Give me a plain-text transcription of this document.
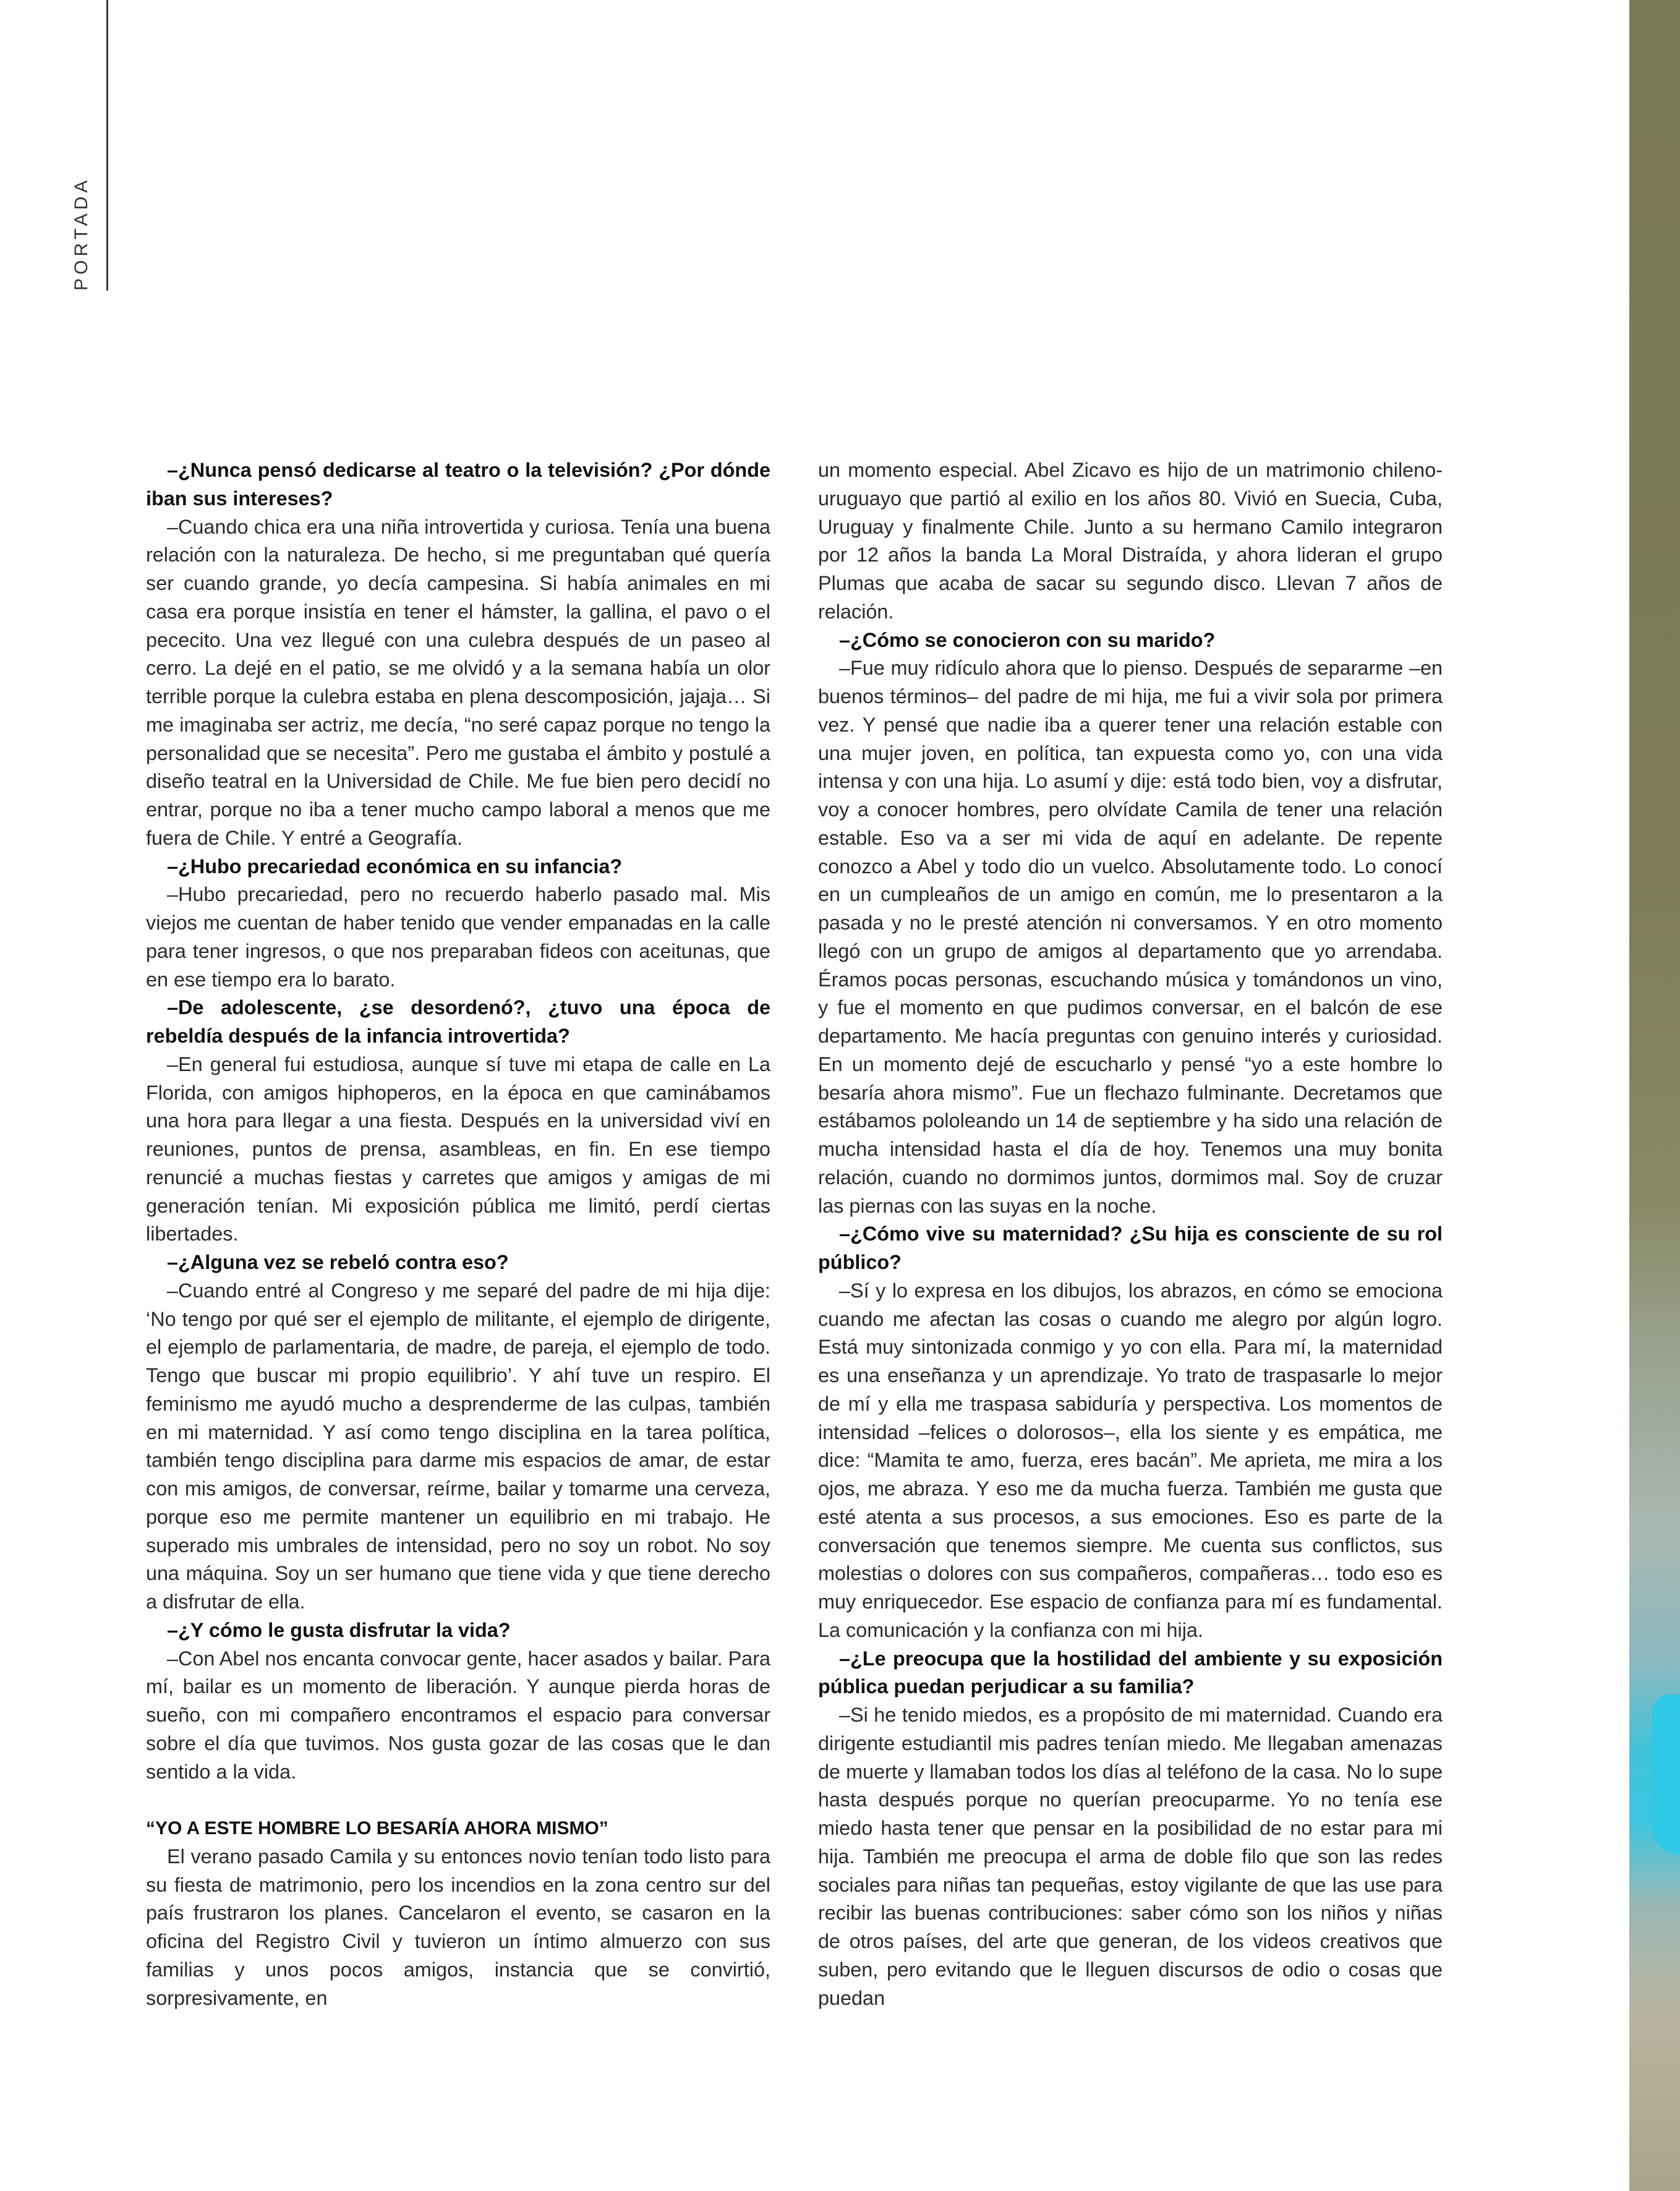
PORTADA

–¿Nunca pensó dedicarse al teatro o la televisión? ¿Por dónde iban sus intereses?

–Cuando chica era una niña introvertida y curiosa. Tenía una buena relación con la naturaleza. De hecho, si me preguntaban qué quería ser cuando grande, yo decía campesina. Si había animales en mi casa era porque insistía en tener el hámster, la gallina, el pavo o el pececito. Una vez llegué con una culebra después de un paseo al cerro. La dejé en el patio, se me olvidó y a la semana había un olor terrible porque la culebra estaba en plena descomposición, jajaja… Si me imaginaba ser actriz, me decía, “no seré capaz porque no tengo la personalidad que se necesita”. Pero me gustaba el ámbito y postulé a diseño teatral en la Universidad de Chile. Me fue bien pero decidí no entrar, porque no iba a tener mucho campo laboral a menos que me fuera de Chile. Y entré a Geografía.

–¿Hubo precariedad económica en su infancia?

–Hubo precariedad, pero no recuerdo haberlo pasado mal. Mis viejos me cuentan de haber tenido que vender empanadas en la calle para tener ingresos, o que nos preparaban fideos con aceitunas, que en ese tiempo era lo barato.

–De adolescente, ¿se desordenó?, ¿tuvo una época de rebeldía después de la infancia introvertida?

–En general fui estudiosa, aunque sí tuve mi etapa de calle en La Florida, con amigos hiphoperos, en la época en que caminábamos una hora para llegar a una fiesta. Después en la universidad viví en reuniones, puntos de prensa, asambleas, en fin. En ese tiempo renuncié a muchas fiestas y carretes que amigos y amigas de mi generación tenían. Mi exposición pública me limitó, perdí ciertas libertades.

–¿Alguna vez se rebeló contra eso?

–Cuando entré al Congreso y me separé del padre de mi hija dije: ‘No tengo por qué ser el ejemplo de militante, el ejemplo de dirigente, el ejemplo de parlamentaria, de madre, de pareja, el ejemplo de todo. Tengo que buscar mi propio equilibrio’. Y ahí tuve un respiro. El feminismo me ayudó mucho a desprenderme de las culpas, también en mi maternidad. Y así como tengo disciplina en la tarea política, también tengo disciplina para darme mis espacios de amar, de estar con mis amigos, de conversar, reírme, bailar y tomarme una cerveza, porque eso me permite mantener un equilibrio en mi trabajo. He superado mis umbrales de intensidad, pero no soy un robot. No soy una máquina. Soy un ser humano que tiene vida y que tiene derecho a disfrutar de ella.

–¿Y cómo le gusta disfrutar la vida?

–Con Abel nos encanta convocar gente, hacer asados y bailar. Para mí, bailar es un momento de liberación. Y aunque pierda horas de sueño, con mi compañero encontramos el espacio para conversar sobre el día que tuvimos. Nos gusta gozar de las cosas que le dan sentido a la vida.

“YO A ESTE HOMBRE LO BESARÍA AHORA MISMO”

El verano pasado Camila y su entonces novio tenían todo listo para su fiesta de matrimonio, pero los incendios en la zona centro sur del país frustraron los planes. Cancelaron el evento, se casaron en la oficina del Registro Civil y tuvieron un íntimo almuerzo con sus familias y unos pocos amigos, instancia que se convirtió, sorpresivamente, en

un momento especial. Abel Zicavo es hijo de un matrimonio chileno-uruguayo que partió al exilio en los años 80. Vivió en Suecia, Cuba, Uruguay y finalmente Chile. Junto a su hermano Camilo integraron por 12 años la banda La Moral Distraída, y ahora lideran el grupo Plumas que acaba de sacar su segundo disco. Llevan 7 años de relación.

–¿Cómo se conocieron con su marido?

–Fue muy ridículo ahora que lo pienso. Después de separarme –en buenos términos– del padre de mi hija, me fui a vivir sola por primera vez. Y pensé que nadie iba a querer tener una relación estable con una mujer joven, en política, tan expuesta como yo, con una vida intensa y con una hija. Lo asumí y dije: está todo bien, voy a disfrutar, voy a conocer hombres, pero olvídate Camila de tener una relación estable. Eso va a ser mi vida de aquí en adelante. De repente conozco a Abel y todo dio un vuelco. Absolutamente todo. Lo conocí en un cumpleaños de un amigo en común, me lo presentaron a la pasada y no le presté atención ni conversamos. Y en otro momento llegó con un grupo de amigos al departamento que yo arrendaba. Éramos pocas personas, escuchando música y tomándonos un vino, y fue el momento en que pudimos conversar, en el balcón de ese departamento. Me hacía preguntas con genuino interés y curiosidad. En un momento dejé de escucharlo y pensé “yo a este hombre lo besaría ahora mismo”. Fue un flechazo fulminante. Decretamos que estábamos pololeando un 14 de septiembre y ha sido una relación de mucha intensidad hasta el día de hoy. Tenemos una muy bonita relación, cuando no dormimos juntos, dormimos mal. Soy de cruzar las piernas con las suyas en la noche.

–¿Cómo vive su maternidad? ¿Su hija es consciente de su rol público?

–Sí y lo expresa en los dibujos, los abrazos, en cómo se emociona cuando me afectan las cosas o cuando me alegro por algún logro. Está muy sintonizada conmigo y yo con ella. Para mí, la maternidad es una enseñanza y un aprendizaje. Yo trato de traspasarle lo mejor de mí y ella me traspasa sabiduría y perspectiva. Los momentos de intensidad –felices o dolorosos–, ella los siente y es empática, me dice: “Mamita te amo, fuerza, eres bacán”. Me aprieta, me mira a los ojos, me abraza. Y eso me da mucha fuerza. También me gusta que esté atenta a sus procesos, a sus emociones. Eso es parte de la conversación que tenemos siempre. Me cuenta sus conflictos, sus molestias o dolores con sus compañeros, compañeras… todo eso es muy enriquecedor. Ese espacio de confianza para mí es fundamental. La comunicación y la confianza con mi hija.

–¿Le preocupa que la hostilidad del ambiente y su exposición pública puedan perjudicar a su familia?

–Si he tenido miedos, es a propósito de mi maternidad. Cuando era dirigente estudiantil mis padres tenían miedo. Me llegaban amenazas de muerte y llamaban todos los días al teléfono de la casa. No lo supe hasta después porque no querían preocuparme. Yo no tenía ese miedo hasta tener que pensar en la posibilidad de no estar para mi hija. También me preocupa el arma de doble filo que son las redes sociales para niñas tan pequeñas, estoy vigilante de que las use para recibir las buenas contribuciones: saber cómo son los niños y niñas de otros países, del arte que generan, de los videos creativos que suben, pero evitando que le lleguen discursos de odio o cosas que puedan
